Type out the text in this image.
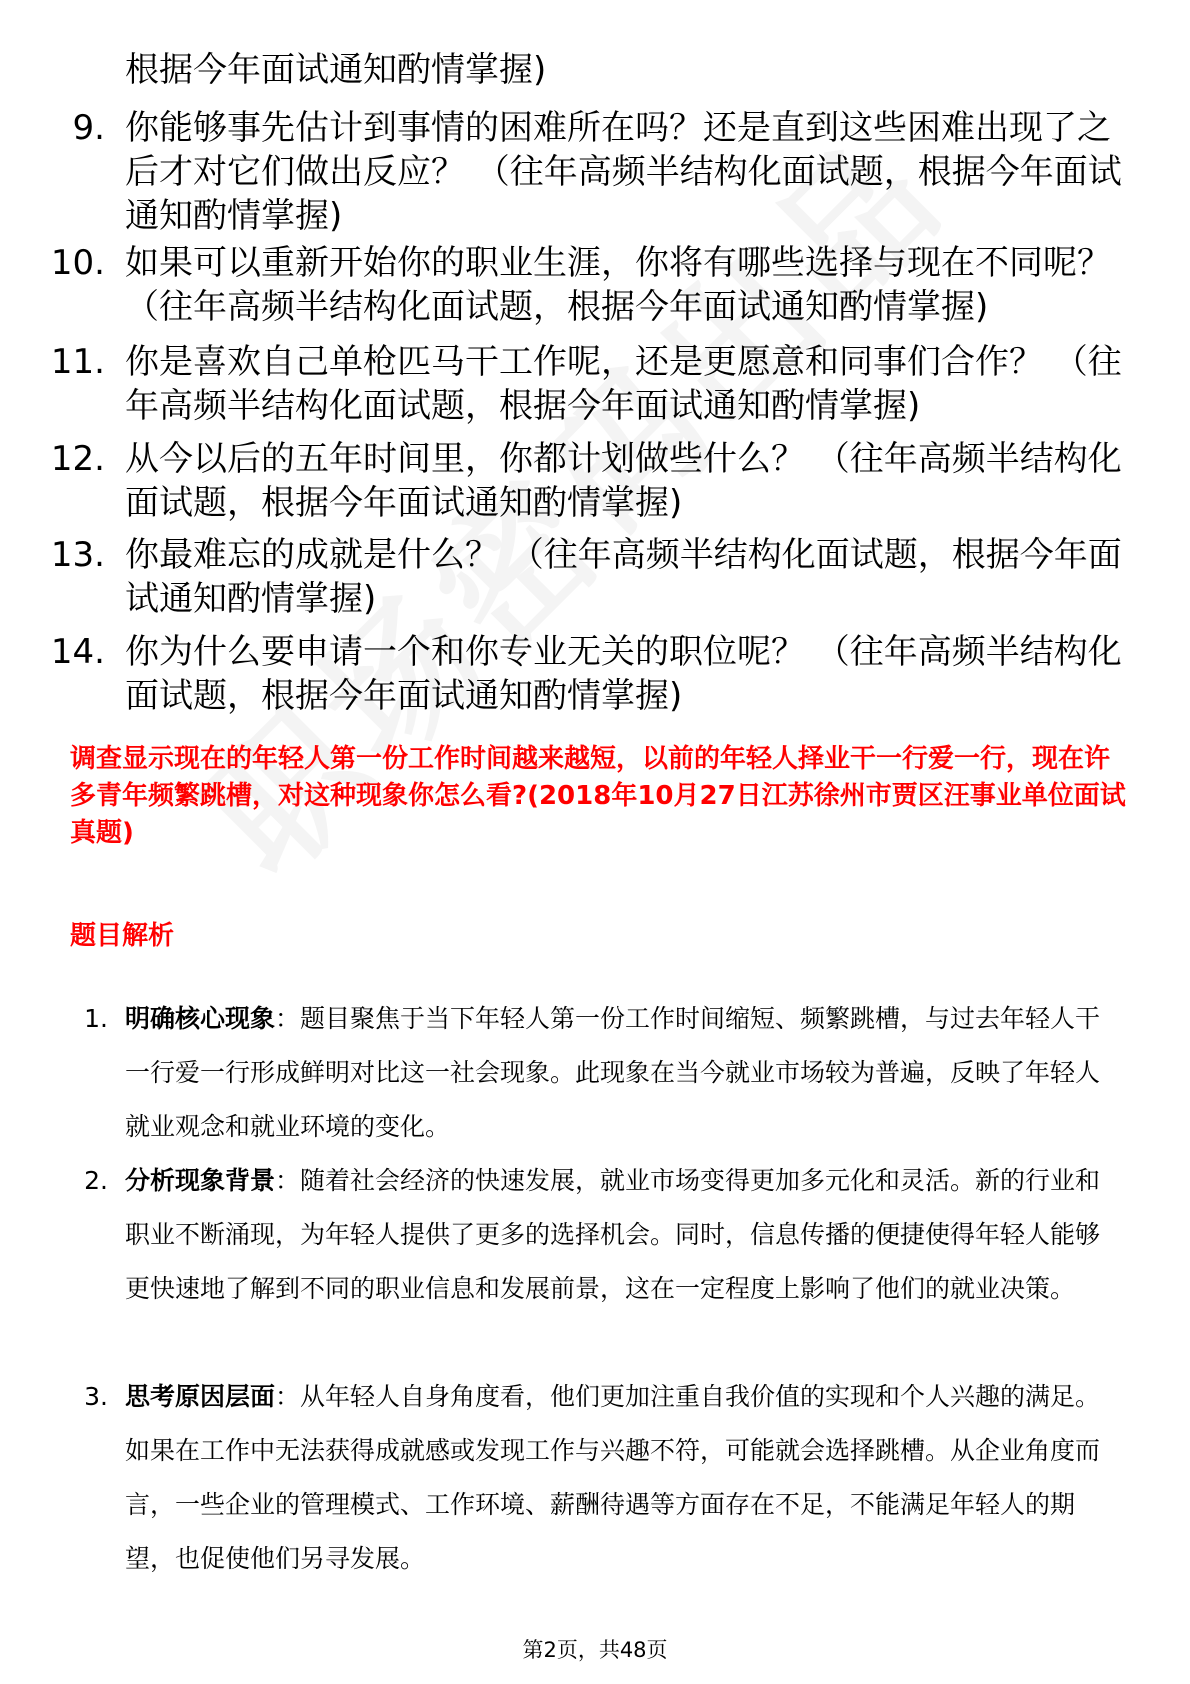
根据今年面试通知酌情掌握)

9. 你能够事先估计到事情的困难所在吗？还是直到这些困难出现了之后才对它们做出反应？ （往年高频半结构化面试题，根据今年面试通知酌情掌握)

10. 如果可以重新开始你的职业生涯，你将有哪些选择与现在不同呢？ （往年高频半结构化面试题，根据今年面试通知酌情掌握)

11. 你是喜欢自己单枪匹马干工作呢，还是更愿意和同事们合作？ （往年高频半结构化面试题，根据今年面试通知酌情掌握)

12. 从今以后的五年时间里，你都计划做些什么？ （往年高频半结构化面试题，根据今年面试通知酌情掌握)

13. 你最难忘的成就是什么？ （往年高频半结构化面试题，根据今年面试通知酌情掌握)

14. 你为什么要申请一个和你专业无关的职位呢？ （往年高频半结构化面试题，根据今年面试通知酌情掌握)

调查显示现在的年轻人第一份工作时间越来越短，以前的年轻人择业干一行爱一行，现在许多青年频繁跳槽，对这种现象你怎么看?(2018年10月27日江苏徐州市贾区汪事业单位面试真题)

题目解析

1. 明确核心现象：题目聚焦于当下年轻人第一份工作时间缩短、频繁跳槽，与过去年轻人干一行爱一行形成鲜明对比这一社会现象。此现象在当今就业市场较为普遍，反映了年轻人就业观念和就业环境的变化。

2. 分析现象背景：随着社会经济的快速发展，就业市场变得更加多元化和灵活。新的行业和职业不断涌现，为年轻人提供了更多的选择机会。同时，信息传播的便捷使得年轻人能够更快速地了解到不同的职业信息和发展前景，这在一定程度上影响了他们的就业决策。

3. 思考原因层面：从年轻人自身角度看，他们更加注重自我价值的实现和个人兴趣的满足。如果在工作中无法获得成就感或发现工作与兴趣不符，可能就会选择跳槽。从企业角度而言，一些企业的管理模式、工作环境、薪酬待遇等方面存在不足，不能满足年轻人的期望，也促使他们另寻发展。

第2页，共48页
